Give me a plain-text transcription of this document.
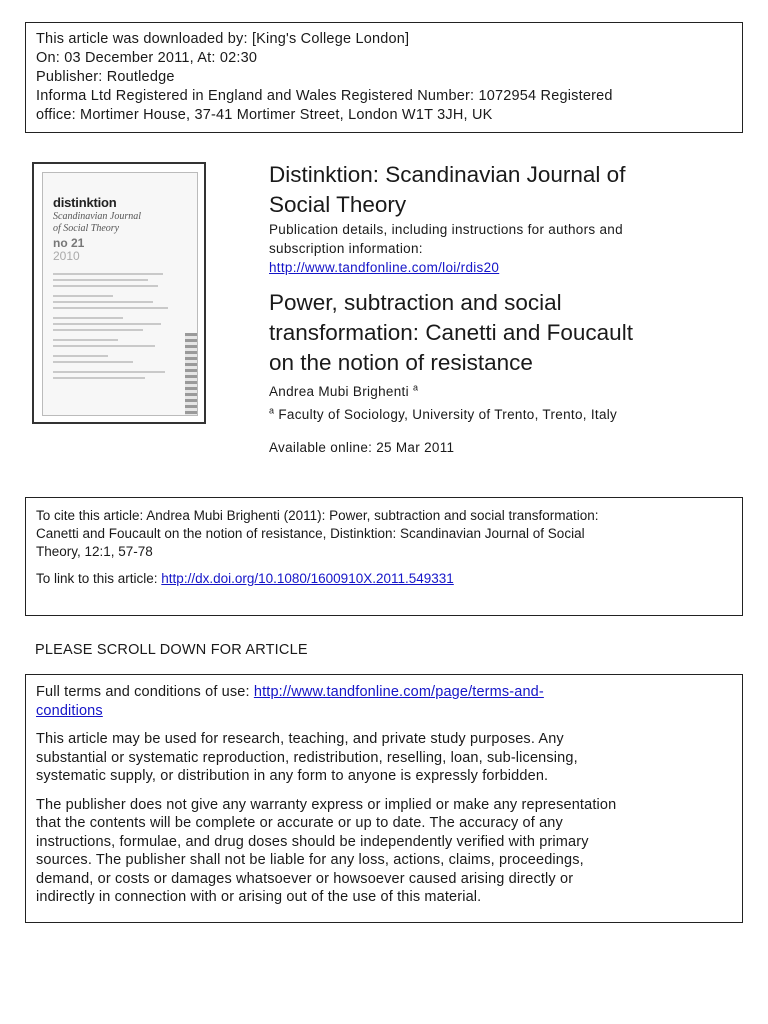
This article was downloaded by: [King's College London]
On: 03 December 2011, At: 02:30
Publisher: Routledge
Informa Ltd Registered in England and Wales Registered Number: 1072954 Registered
office: Mortimer House, 37-41 Mortimer Street, London W1T 3JH, UK
distinktion
Scandinavian Journal
of Social Theory
no 21
2010
Distinktion: Scandinavian Journal of
Social Theory
Publication details, including instructions for authors and
subscription information:
http://www.tandfonline.com/loi/rdis20
Power, subtraction and social
transformation: Canetti and Foucault
on the notion of resistance
Andrea Mubi Brighenti $^a$
$^a$ Faculty of Sociology, University of Trento, Trento, Italy
Available online: 25 Mar 2011
To cite this article: Andrea Mubi Brighenti (2011): Power, subtraction and social transformation:
Canetti and Foucault on the notion of resistance, Distinktion: Scandinavian Journal of Social
Theory, 12:1, 57-78
To link to this article: http://dx.doi.org/10.1080/1600910X.2011.549331
PLEASE SCROLL DOWN FOR ARTICLE
Full terms and conditions of use: http://www.tandfonline.com/page/terms-and-
conditions
This article may be used for research, teaching, and private study purposes. Any
substantial or systematic reproduction, redistribution, reselling, loan, sub-licensing,
systematic supply, or distribution in any form to anyone is expressly forbidden.
The publisher does not give any warranty express or implied or make any representation
that the contents will be complete or accurate or up to date. The accuracy of any
instructions, formulae, and drug doses should be independently verified with primary
sources. The publisher shall not be liable for any loss, actions, claims, proceedings,
demand, or costs or damages whatsoever or howsoever caused arising directly or
indirectly in connection with or arising out of the use of this material.
